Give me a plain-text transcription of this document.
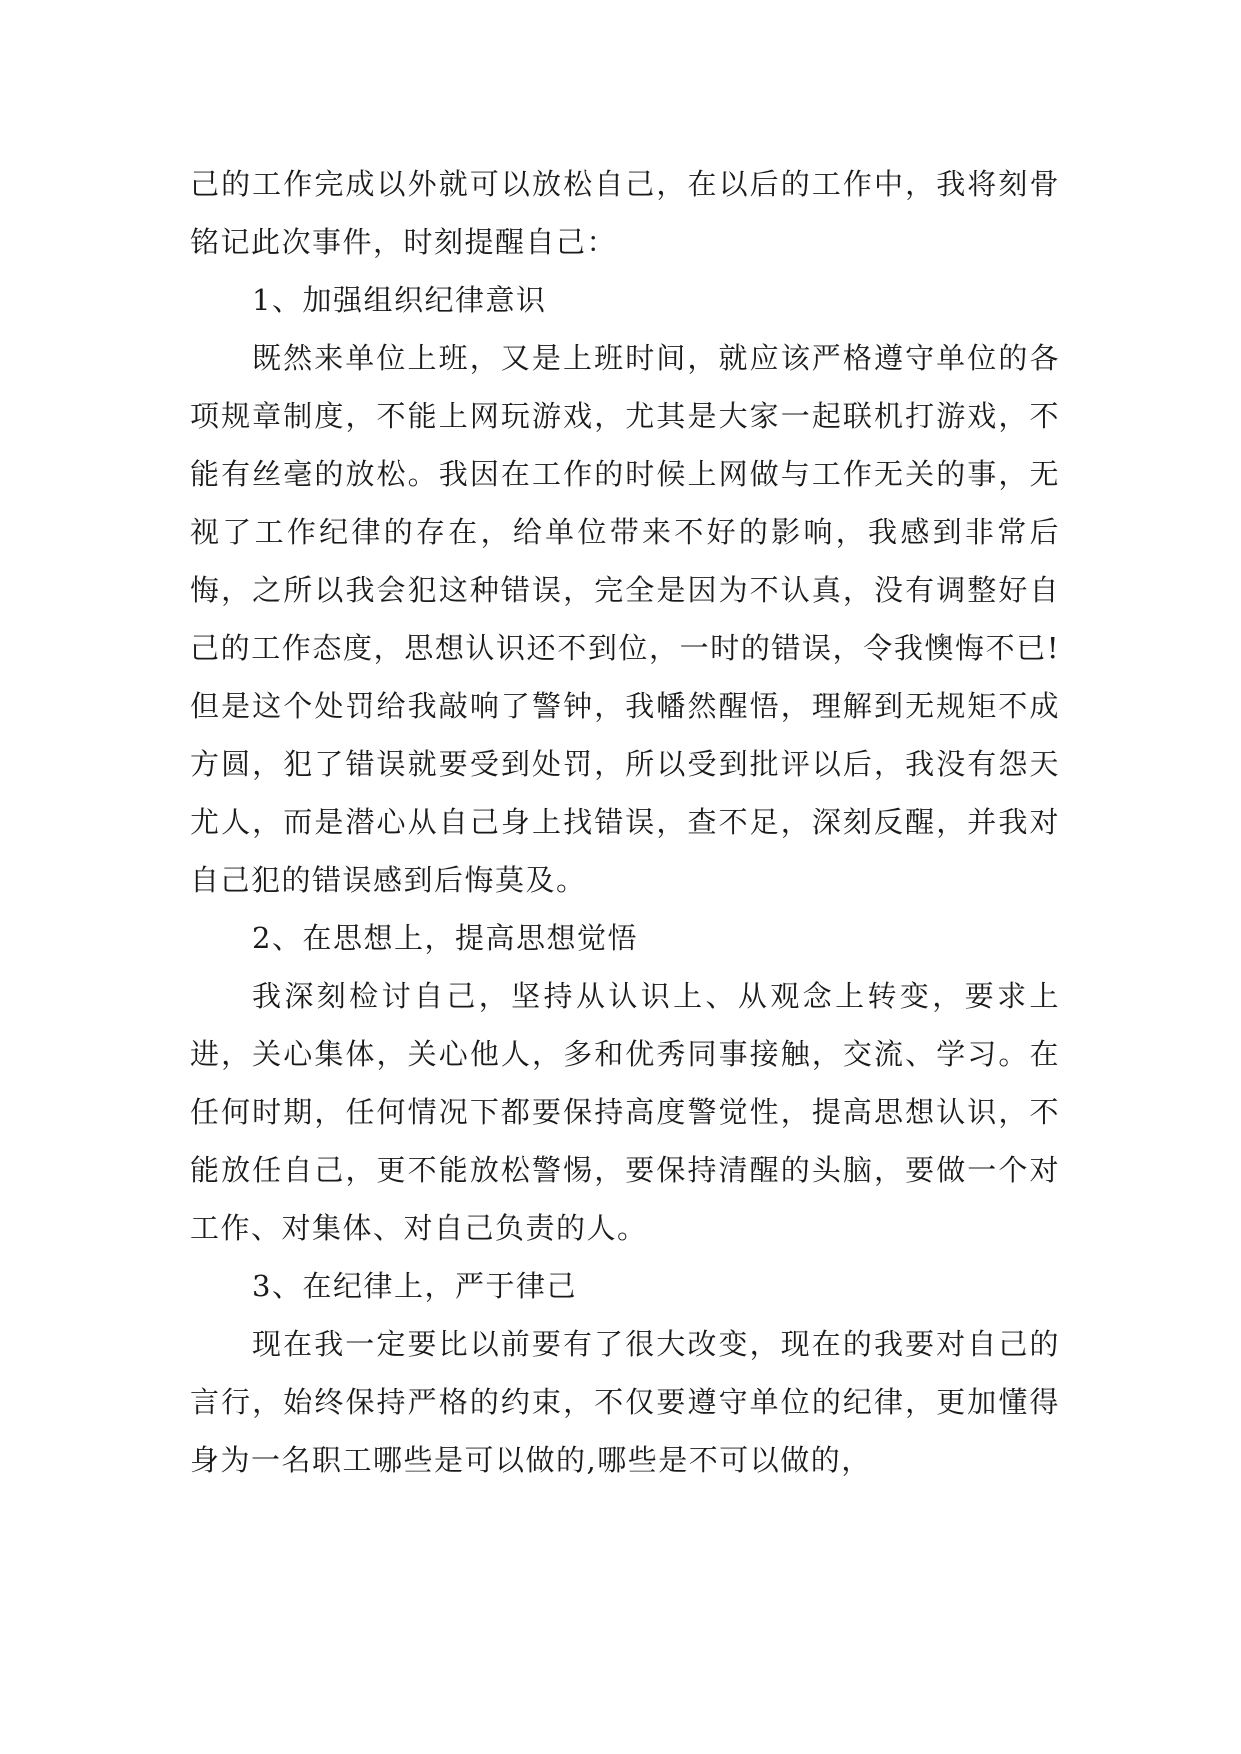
己的工作完成以外就可以放松自己，在以后的工作中，我将刻骨铭记此次事件，时刻提醒自己：

1、加强组织纪律意识

既然来单位上班，又是上班时间，就应该严格遵守单位的各项规章制度，不能上网玩游戏，尤其是大家一起联机打游戏，不能有丝毫的放松。我因在工作的时候上网做与工作无关的事，无视了工作纪律的存在，给单位带来不好的影响，我感到非常后悔，之所以我会犯这种错误，完全是因为不认真，没有调整好自己的工作态度，思想认识还不到位，一时的错误，令我懊悔不已!但是这个处罚给我敲响了警钟，我幡然醒悟，理解到无规矩不成方圆，犯了错误就要受到处罚，所以受到批评以后，我没有怨天尤人，而是潜心从自己身上找错误，查不足，深刻反醒，并我对自己犯的错误感到后悔莫及。

2、在思想上，提高思想觉悟

我深刻检讨自己，坚持从认识上、从观念上转变，要求上进，关心集体，关心他人，多和优秀同事接触，交流、学习。在任何时期，任何情况下都要保持高度警觉性，提高思想认识，不能放任自己，更不能放松警惕，要保持清醒的头脑，要做一个对工作、对集体、对自己负责的人。

3、在纪律上，严于律己

现在我一定要比以前要有了很大改变，现在的我要对自己的言行，始终保持严格的约束，不仅要遵守单位的纪律，更加懂得身为一名职工哪些是可以做的,哪些是不可以做的，
